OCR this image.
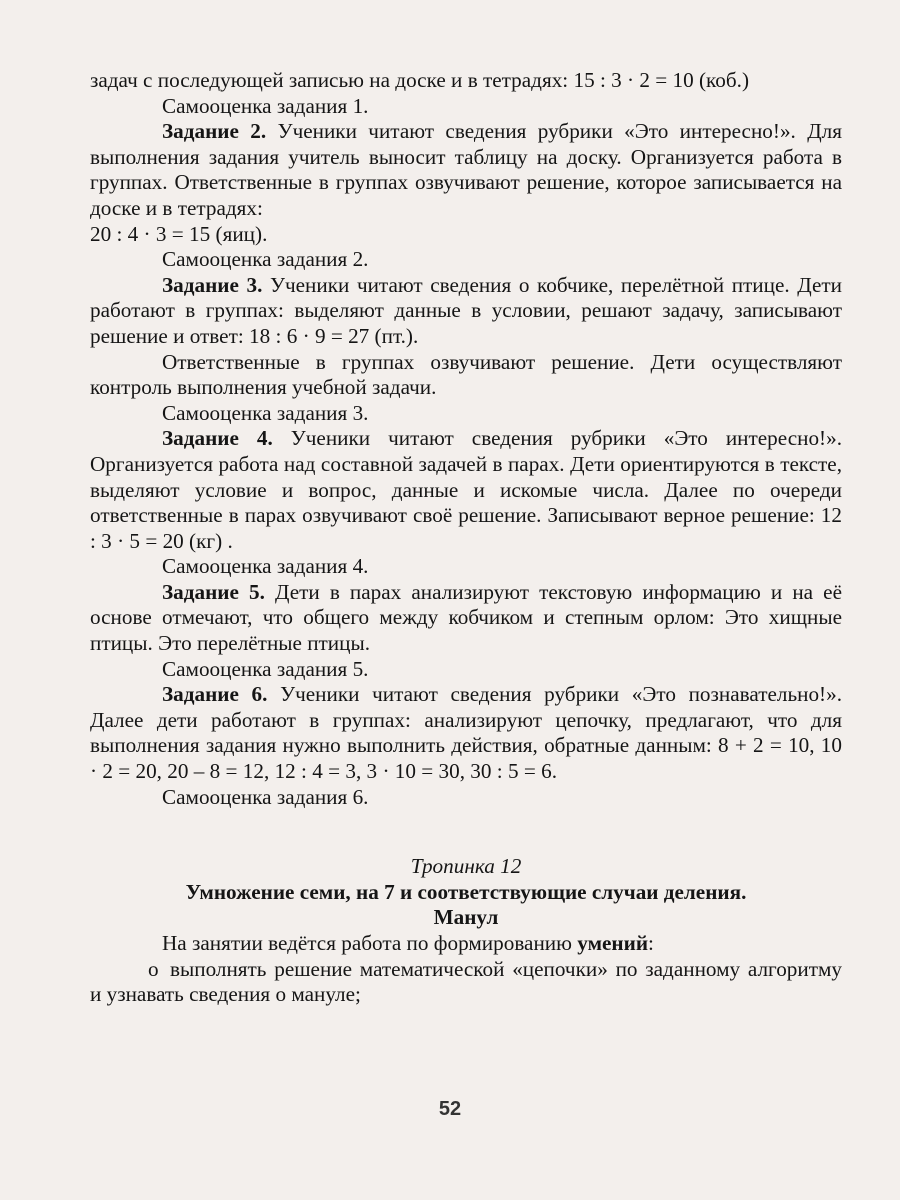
задач с последующей записью на доске и в тетрадях: 15 : 3 · 2 = 10 (коб.)

Самооценка задания 1.

Задание 2. Ученики читают сведения рубрики «Это интересно!». Для выполнения задания учитель выносит таблицу на доску. Организуется работа в группах. Ответственные в группах озвучивают решение, которое записывается на доске и в тетрадях:

20 : 4 · 3 = 15 (яиц).

Самооценка задания 2.

Задание 3. Ученики читают сведения о кобчике, перелётной птице. Дети работают в группах: выделяют данные в условии, решают задачу, записывают решение и ответ: 18 : 6 · 9 = 27 (пт.).

Ответственные в группах озвучивают решение. Дети осуществляют контроль выполнения учебной задачи.

Самооценка задания 3.

Задание 4. Ученики читают сведения рубрики «Это интересно!». Организуется работа над составной задачей в парах. Дети ориентируются в тексте, выделяют условие и вопрос, данные и искомые числа. Далее по очереди ответственные в парах озвучивают своё решение. Записывают верное решение: 12 : 3 · 5 = 20 (кг) .

Самооценка задания 4.

Задание 5. Дети в парах анализируют текстовую информацию и на её основе отмечают, что общего между кобчиком и степным орлом: Это хищные птицы. Это перелётные птицы.

Самооценка задания 5.

Задание 6. Ученики читают сведения рубрики «Это познавательно!». Далее дети работают в группах: анализируют цепочку, предлагают, что для выполнения задания нужно выполнить действия, обратные данным: 8 + 2 = 10, 10 · 2 = 20, 20 – 8 = 12, 12 : 4 = 3, 3 · 10 = 30, 30 : 5 = 6.

Самооценка задания 6.

Тропинка 12

Умножение семи, на 7 и соответствующие случаи деления.

Манул

На занятии ведётся работа по формированию умений:

o выполнять решение математической «цепочки» по заданному алгоритму и узнавать сведения о мануле;

52
